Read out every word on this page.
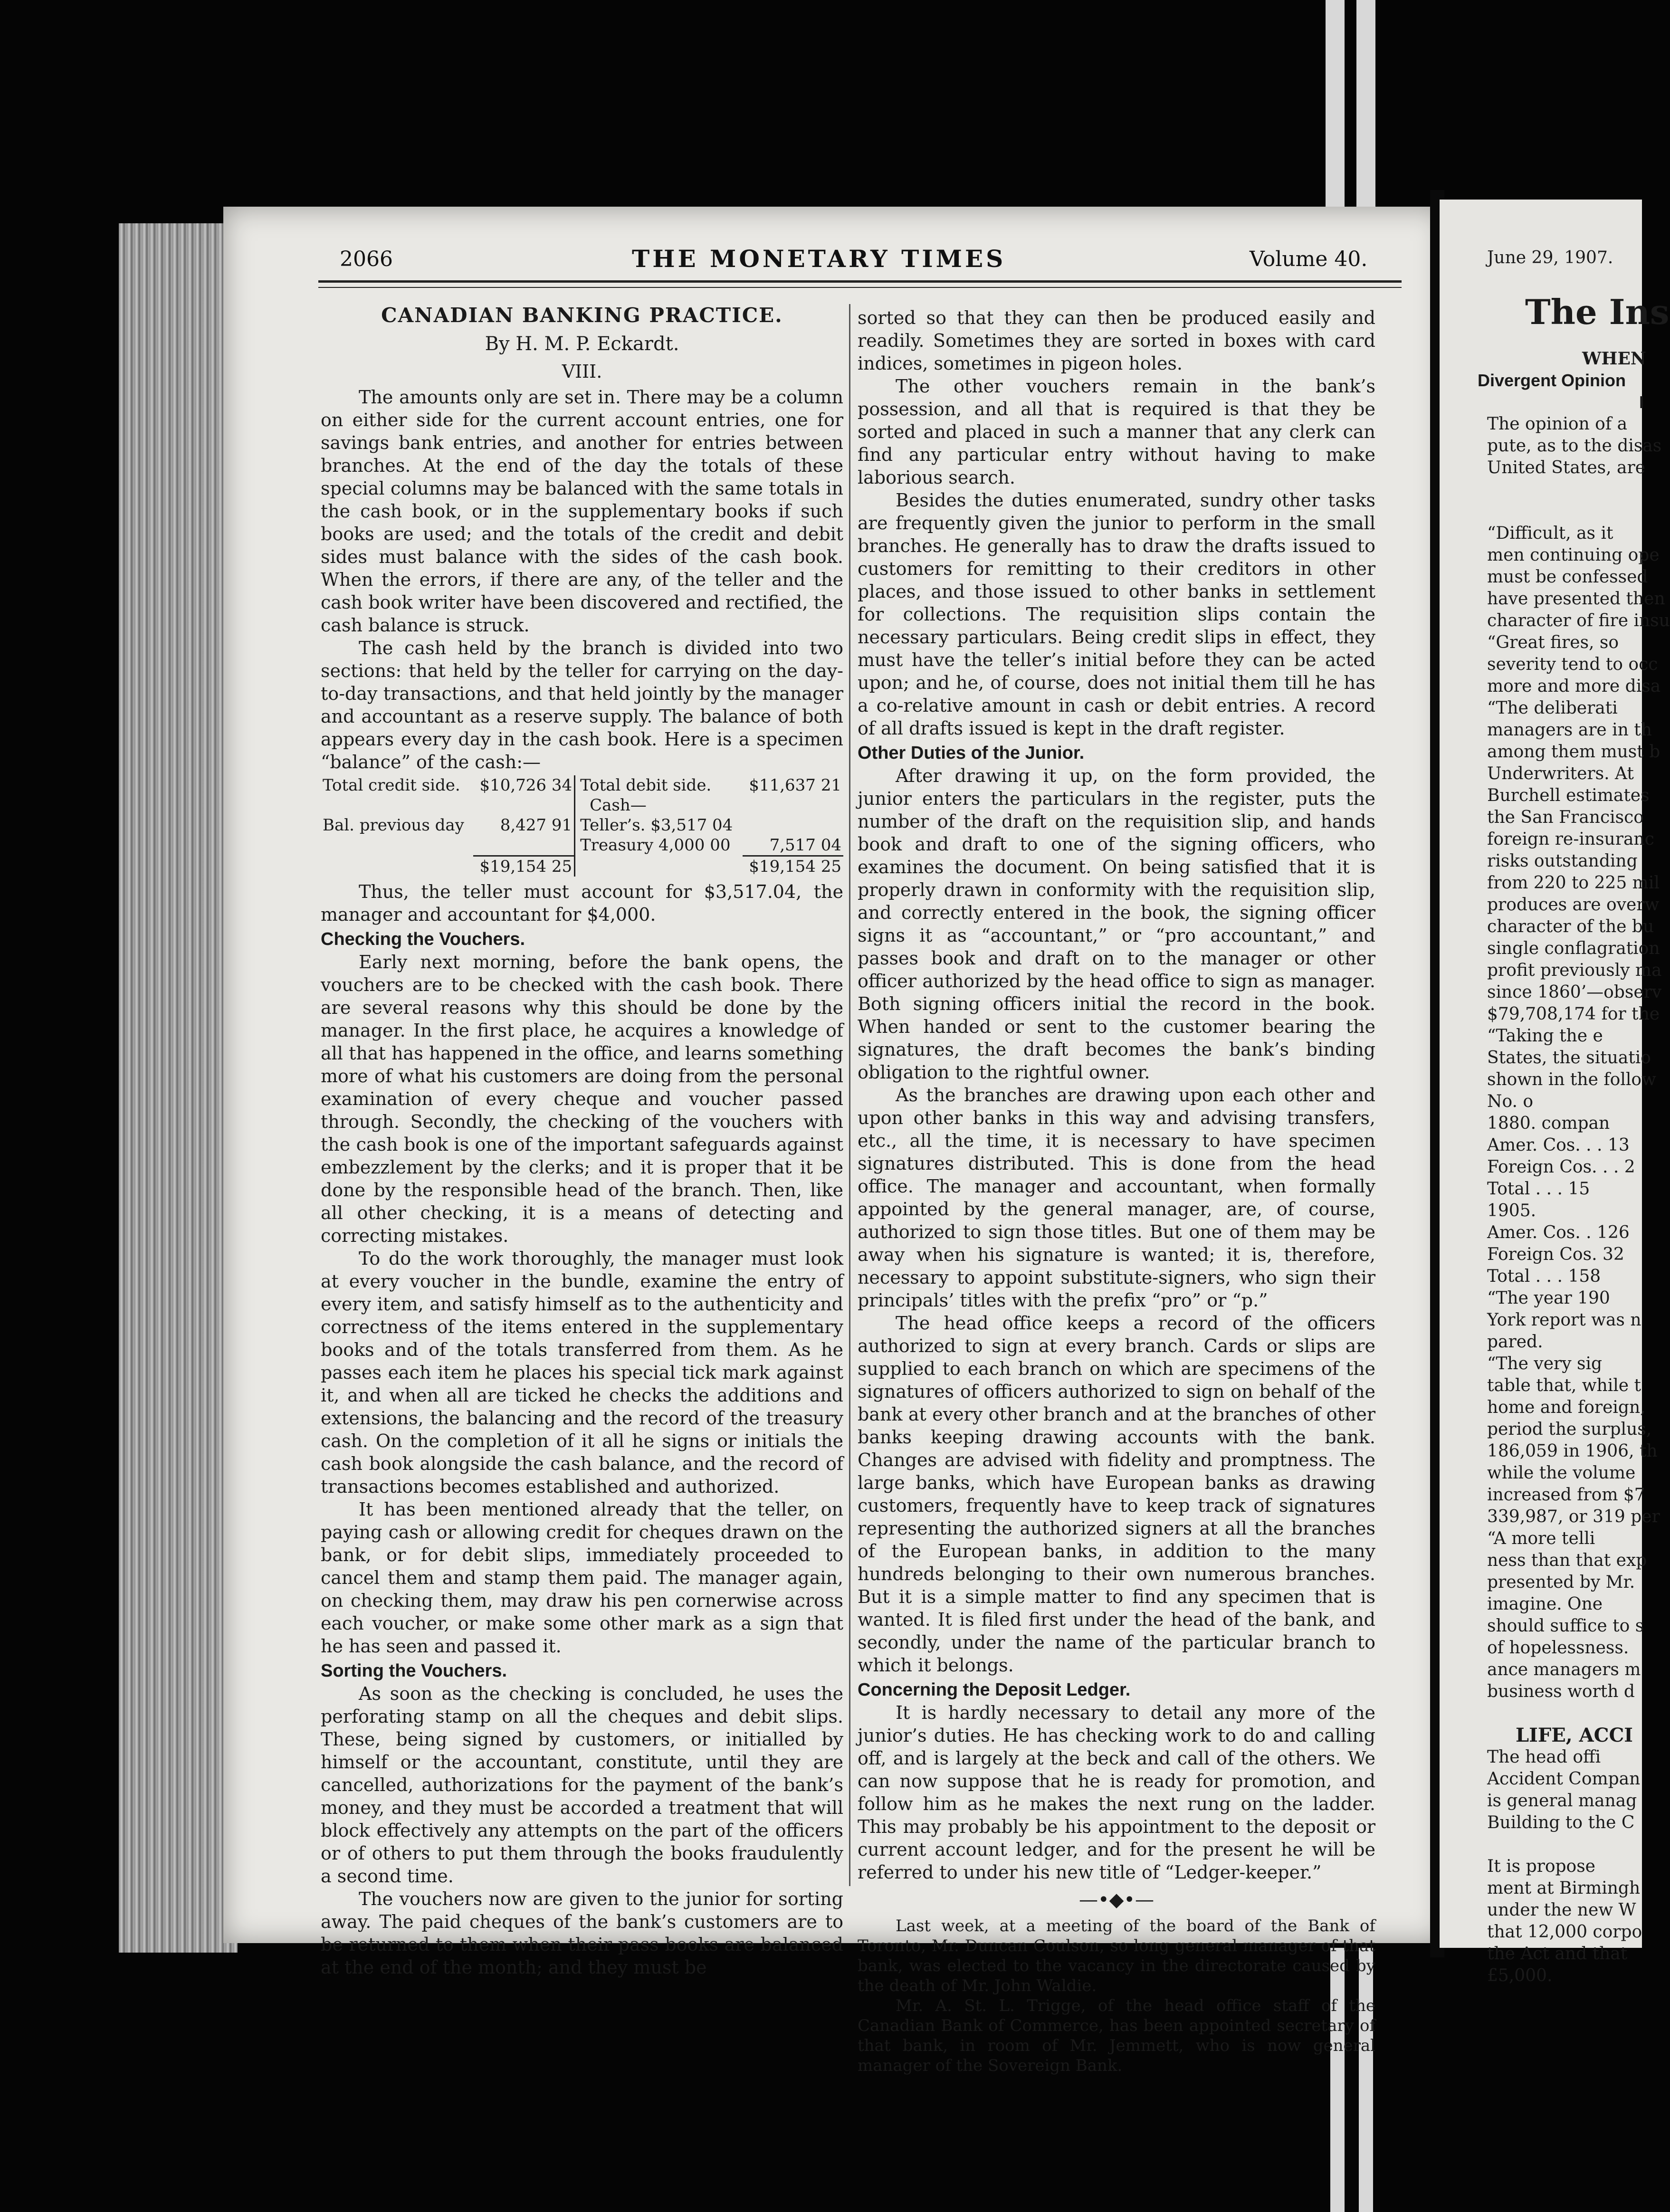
2066	THE MONETARY TIMES	Volume 40.
CANADIAN BANKING PRACTICE.
By H. M. P. Eckardt.
VIII.

The amounts only are set in. There may be a column on either side for the current account entries, one for savings bank entries, and another for entries between branches. At the end of the day the totals of these special columns may be balanced with the same totals in the cash book, or in the supplementary books if such books are used; and the totals of the credit and debit sides must balance with the sides of the cash book. When the errors, if there are any, of the teller and the cash book writer have been discovered and rectified, the cash balance is struck.

The cash held by the branch is divided into two sections: that held by the teller for carrying on the day-to-day transactions, and that held jointly by the manager and accountant as a reserve supply. The balance of both appears every day in the cash book. Here is a specimen “balance” of the cash:—

Total credit side.	$10,726 34	Total debit side.	$11,637 21
		Cash—	
Bal. previous day	8,427 91	Teller’s. $3,517 04	
		Treasury 4,000 00	7,517 04
	$19,154 25		$19,154 25

Thus, the teller must account for $3,517.04, the manager and accountant for $4,000.

Checking the Vouchers.

Early next morning, before the bank opens, the vouchers are to be checked with the cash book. There are several reasons why this should be done by the manager. In the first place, he acquires a knowledge of all that has happened in the office, and learns something more of what his customers are doing from the personal examination of every cheque and voucher passed through. Secondly, the checking of the vouchers with the cash book is one of the important safeguards against embezzlement by the clerks; and it is proper that it be done by the responsible head of the branch. Then, like all other checking, it is a means of detecting and correcting mistakes.

To do the work thoroughly, the manager must look at every voucher in the bundle, examine the entry of every item, and satisfy himself as to the authenticity and correctness of the items entered in the supplementary books and of the totals transferred from them. As he passes each item he places his special tick mark against it, and when all are ticked he checks the additions and extensions, the balancing and the record of the treasury cash. On the completion of it all he signs or initials the cash book alongside the cash balance, and the record of transactions becomes established and authorized.

It has been mentioned already that the teller, on paying cash or allowing credit for cheques drawn on the bank, or for debit slips, immediately proceeded to cancel them and stamp them paid. The manager again, on checking them, may draw his pen cornerwise across each voucher, or make some other mark as a sign that he has seen and passed it.

Sorting the Vouchers.

As soon as the checking is concluded, he uses the perforating stamp on all the cheques and debit slips. These, being signed by customers, or initialled by himself or the accountant, constitute, until they are cancelled, authorizations for the payment of the bank’s money, and they must be accorded a treatment that will block effectively any attempts on the part of the officers or of others to put them through the books fraudulently a second time.

The vouchers now are given to the junior for sorting away. The paid cheques of the bank’s customers are to be returned to them when their pass books are balanced at the end of the month; and they must be

sorted so that they can then be produced easily and readily. Sometimes they are sorted in boxes with card indices, sometimes in pigeon holes.

The other vouchers remain in the bank’s possession, and all that is required is that they be sorted and placed in such a manner that any clerk can find any particular entry without having to make laborious search.

Besides the duties enumerated, sundry other tasks are frequently given the junior to perform in the small branches. He generally has to draw the drafts issued to customers for remitting to their creditors in other places, and those issued to other banks in settlement for collections. The requisition slips contain the necessary particulars. Being credit slips in effect, they must have the teller’s initial before they can be acted upon; and he, of course, does not initial them till he has a co-relative amount in cash or debit entries. A record of all drafts issued is kept in the draft register.

Other Duties of the Junior.

After drawing it up, on the form provided, the junior enters the particulars in the register, puts the number of the draft on the requisition slip, and hands book and draft to one of the signing officers, who examines the document. On being satisfied that it is properly drawn in conformity with the requisition slip, and correctly entered in the book, the signing officer signs it as “accountant,” or “pro accountant,” and passes book and draft on to the manager or other officer authorized by the head office to sign as manager. Both signing officers initial the record in the book. When handed or sent to the customer bearing the signatures, the draft becomes the bank’s binding obligation to the rightful owner.

As the branches are drawing upon each other and upon other banks in this way and advising transfers, etc., all the time, it is necessary to have specimen signatures distributed. This is done from the head office. The manager and accountant, when formally appointed by the general manager, are, of course, authorized to sign those titles. But one of them may be away when his signature is wanted; it is, therefore, necessary to appoint substitute-signers, who sign their principals’ titles with the prefix “pro” or “p.”

The head office keeps a record of the officers authorized to sign at every branch. Cards or slips are supplied to each branch on which are specimens of the signatures of officers authorized to sign on behalf of the bank at every other branch and at the branches of other banks keeping drawing accounts with the bank. Changes are advised with fidelity and promptness. The large banks, which have European banks as drawing customers, frequently have to keep track of signatures representing the authorized signers at all the branches of the European banks, in addition to the many hundreds belonging to their own numerous branches. But it is a simple matter to find any specimen that is wanted. It is filed first under the head of the bank, and secondly, under the name of the particular branch to which it belongs.

Concerning the Deposit Ledger.

It is hardly necessary to detail any more of the junior’s duties. He has checking work to do and calling off, and is largely at the beck and call of the others. We can now suppose that he is ready for promotion, and follow him as he makes the next rung on the ladder. This may probably be his appointment to the deposit or current account ledger, and for the present he will be referred to under his new title of “Ledger-keeper.”

—•◆•—

Last week, at a meeting of the board of the Bank of Toronto, Mr. Duncan Coulson, so long general manager of that bank, was elected to the vacancy in the directorate caused by the death of Mr. John Waldie.

Mr. A. St. L. Trigge, of the head office staff of the Canadian Bank of Commerce, has been appointed secretary of that bank, in room of Mr. Jemmett, who is now general manager of the Sovereign Bank.

June 29, 1907.
The Ins
WHEN
Divergent Opinion
I
The opinion of a
pute, as to the disas
United States, are
“Difficult, as it
men continuing ope
must be confessed
have presented then
character of fire insu
“Great fires, so
severity tend to occ
more and more disa
“The deliberati
managers are in th
among them must b
Underwriters. At
Burchell estimates
the San Francisco
foreign re-insuranc
risks outstanding
from 220 to 225 mil
produces are overw
character of the bu
single conflagration
profit previously ma
since 1860’—observ
$79,708,174 for the
“Taking the e
States, the situatio
shown in the follow
No. o
1880. compan
Amer. Cos. . . 13
Foreign Cos. . . 2
Total . . . 15
1905.
Amer. Cos. . 126
Foreign Cos. 32
Total . . . 158
“The year 190
York report was n
pared.
“The very sig
table that, while t
home and foreign,
period the surplus,
186,059 in 1906, th
while the volume
increased from $7
339,987, or 319 per
“A more telli
ness than that exp
presented by Mr.
imagine. One
should suffice to s
of hopelessness.
ance managers m
business worth d
LIFE, ACCI
The head offi
Accident Compan
is general manag
Building to the C
It is propose
ment at Birmingh
under the new W
that 12,000 corpo
the Act and that
£5,000.
